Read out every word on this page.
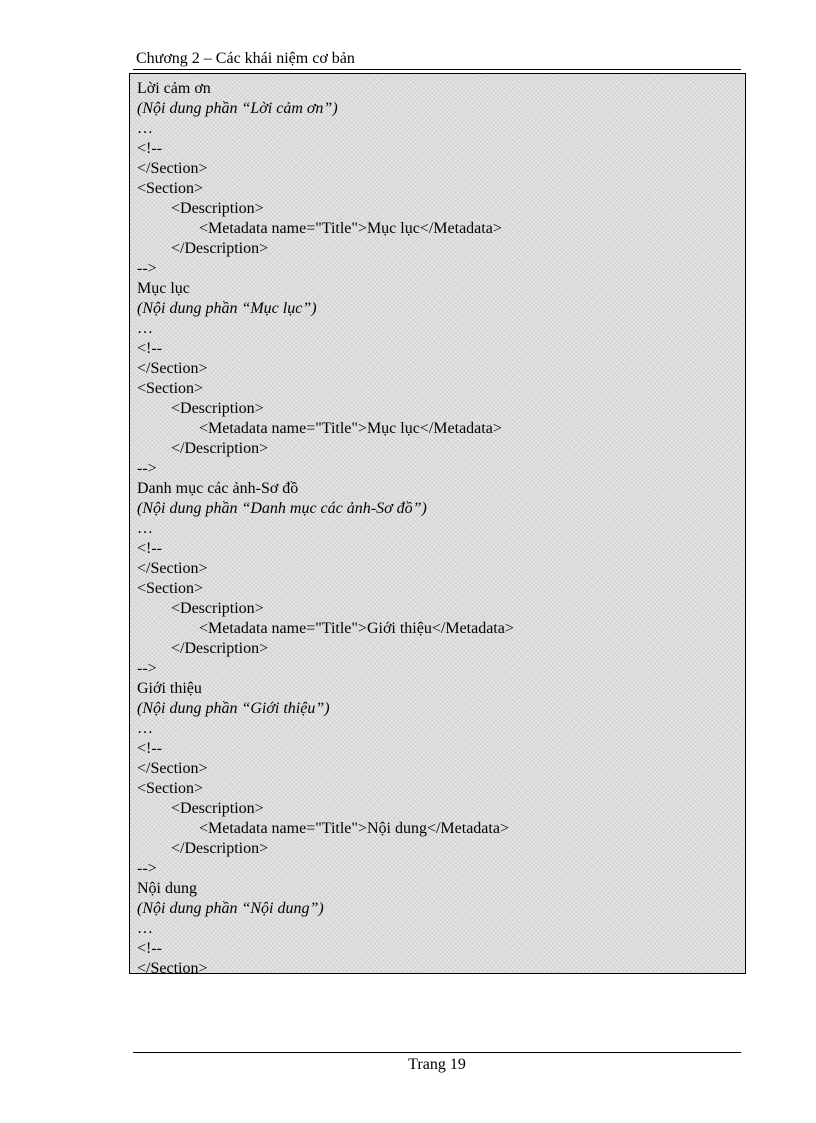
Chương 2 – Các khái niệm cơ bản
Lời cảm ơn
(Nội dung phần “Lời cảm ơn”)
…
<!--
</Section>
<Section>
<Description>
<Metadata name="Title">Mục lục</Metadata>
</Description>
-->
Mục lục
(Nội dung phần “Mục lục”)
…
<!--
</Section>
<Section>
<Description>
<Metadata name="Title">Mục lục</Metadata>
</Description>
-->
Danh mục các ảnh-Sơ đồ
(Nội dung phần “Danh mục các ảnh-Sơ đồ”)
…
<!--
</Section>
<Section>
<Description>
<Metadata name="Title">Giới thiệu</Metadata>
</Description>
-->
Giới thiệu
(Nội dung phần “Giới thiệu”)
…
<!--
</Section>
<Section>
<Description>
<Metadata name="Title">Nội dung</Metadata>
</Description>
-->
Nội dung
(Nội dung phần “Nội dung”)
…
<!--
</Section>
Trang 19
